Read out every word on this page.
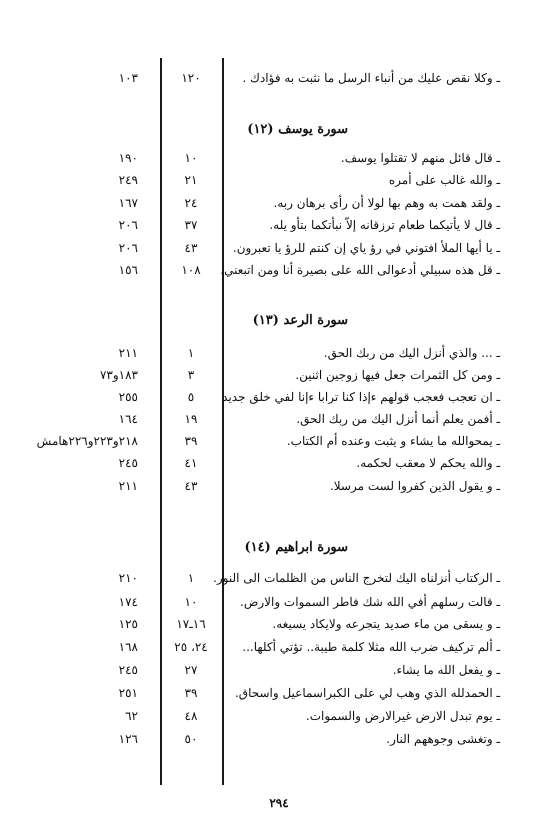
ـ وكلا نقص عليك من أنباء الرسل ما نثبت به فؤادك .
١٢٠
١٠٣
سورة يوسف (١٢)
ـ قال قائل منهم لا تقتلوا يوسف.
١٠
١٩٠
ـ والله غالب على أمره
٢١
٢٤٩
ـ ولقد همت به وهم بها لولا أن رأى برهان ربه.
٢٤
١٦٧
ـ قال لا يأتيكما طعام ترزقانه إلاّ نبأتكما بتأو يله.
٣٧
٢٠٦
ـ يا أيها الملأ افتوني في رؤ ياي إن كنتم للرؤ يا تعبرون.
٤٣
٢٠٦
ـ قل هذه سبيلي أدعوالى الله على بصيرة أنا ومن اتبعني.
١٠٨
١٥٦
سورة الرعد (١٣)
ـ ... والذي أنزل اليك من ربك الحق.
١
٢١١
ـ ومن كل الثمرات جعل فيها زوجين اثنين.
٣
١٨٣و٧٣
ـ ان تعجب فعجب قولهم ءإذا كنا ترابا ءإنا لفي خلق جديد
٥
٢٥٥
ـ أفمن يعلم أنما أنزل اليك من ربك الحق.
١٩
١٦٤
ـ يمحوالله ما يشاء و يثبت وعنده أم الكتاب.
٣٩
٢١٨و٢٢٣و٢٢٦هامش
ـ والله يحكم لا معقب لحكمه.
٤١
٢٤٥
ـ و يقول الذين كفروا لست مرسلا.
٤٣
٢١١
سورة ابراهيم (١٤)
ـ الركتاب أنزلناه اليك لتخرج الناس من الظلمات الى النور.
١
٢١٠
ـ قالت رسلهم أفي الله شك فاطر السموات والارض.
١٠
١٧٤
ـ و يسقى من ماء صديد يتجرعه ولايكاد يسيغه.
١٦ـ١٧
١٢٥
ـ ألم تركيف ضرب الله مثلا كلمة طيبة.. تؤتي أكلها...
٢٤، ٢٥
١٦٨
ـ و يفعل الله ما يشاء.
٢٧
٢٤٥
ـ الحمدلله الذي وهب لي على الكبراسماعيل واسحاق.
٣٩
٢٥١
ـ يوم تبدل الارض غيرالارض والسموات.
٤٨
٦٢
ـ وتغشى وجوههم النار.
٥٠
١٢٦
٢٩٤
